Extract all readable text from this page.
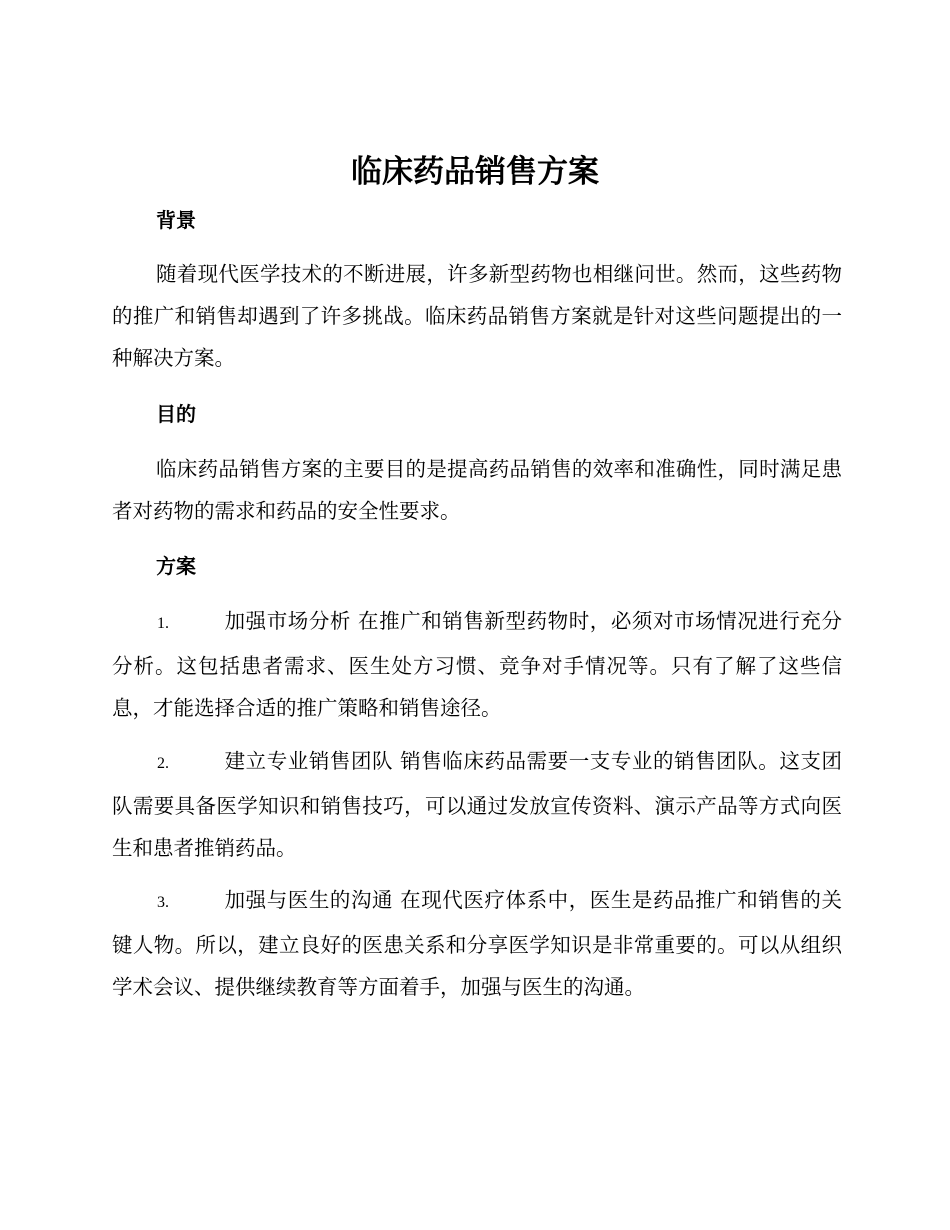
临床药品销售方案
背景

随着现代医学技术的不断进展，许多新型药物也相继问世。然而，这些药物的推广和销售却遇到了许多挑战。临床药品销售方案就是针对这些问题提出的一种解决方案。

目的

临床药品销售方案的主要目的是提高药品销售的效率和准确性，同时满足患者对药物的需求和药品的安全性要求。

方案

1.	加强市场分析 在推广和销售新型药物时，必须对市场情况进行充分分析。这包括患者需求、医生处方习惯、竞争对手情况等。只有了解了这些信息，才能选择合适的推广策略和销售途径。

2.	建立专业销售团队 销售临床药品需要一支专业的销售团队。这支团队需要具备医学知识和销售技巧，可以通过发放宣传资料、演示产品等方式向医生和患者推销药品。

3.	加强与医生的沟通 在现代医疗体系中，医生是药品推广和销售的关键人物。所以，建立良好的医患关系和分享医学知识是非常重要的。可以从组织学术会议、提供继续教育等方面着手，加强与医生的沟通。
